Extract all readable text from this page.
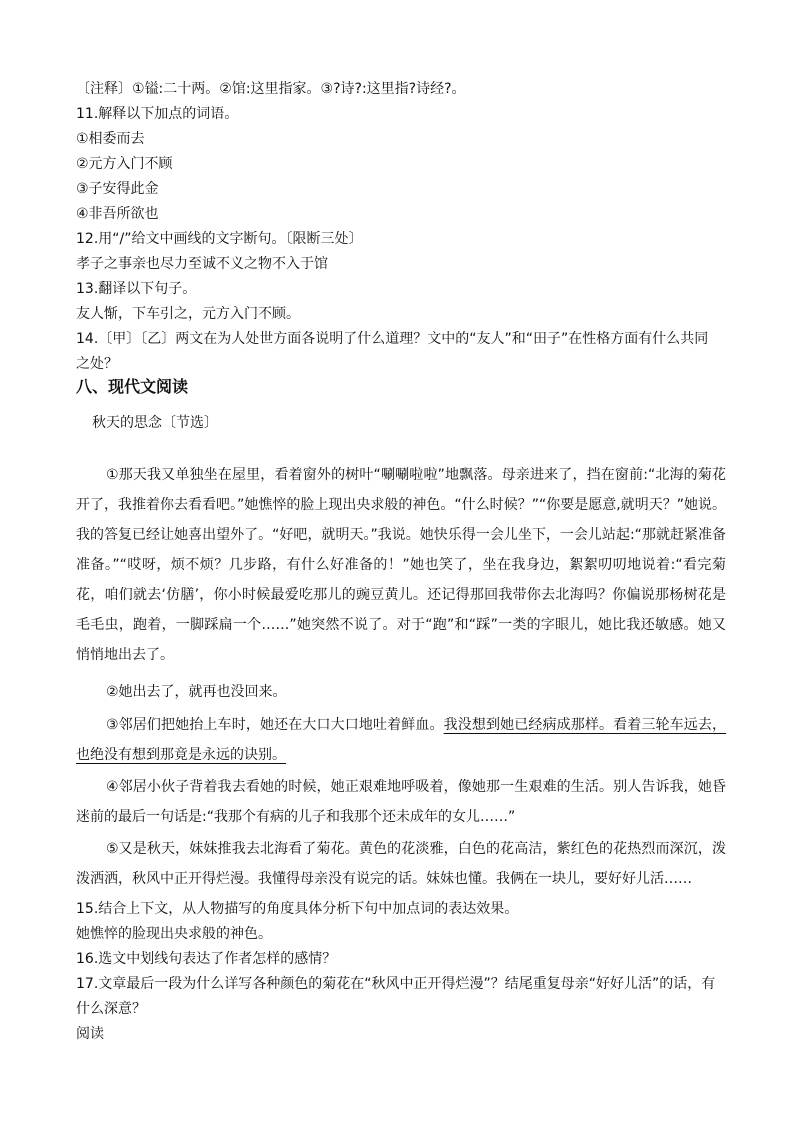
〔注释〕①镒:二十两。②馆:这里指家。③?诗?:这里指?诗经?。
11.解释以下加点的词语。
①相委而去
②元方入门不顾
③子安得此金
④非吾所欲也
12.用“/”给文中画线的文字断句。〔限断三处〕
孝子之事亲也尽力至诚不义之物不入于馆
13.翻译以下句子。
友人惭，下车引之，元方入门不顾。
14.〔甲〕〔乙〕两文在为人处世方面各说明了什么道理？文中的“友人”和“田子”在性格方面有什么共同
之处？
八、现代文阅读
秋天的思念〔节选〕
①那天我又单独坐在屋里，看着窗外的树叶“唰唰啦啦”地飘落。母亲进来了，挡在窗前:“北海的菊花开了，我推着你去看看吧。”她憔悴的脸上现出央求般的神色。“什么时候？”“你要是愿意,就明天？”她说。我的答复已经让她喜出望外了。“好吧，就明天。”我说。她快乐得一会儿坐下，一会儿站起:“那就赶紧准备准备。”“哎呀，烦不烦？几步路，有什么好准备的！”她也笑了，坐在我身边，絮絮叨叨地说着:“看完菊花，咱们就去‘仿膳’，你小时候最爱吃那儿的豌豆黄儿。还记得那回我带你去北海吗？你偏说那杨树花是毛毛虫，跑着，一脚踩扁一个……”她突然不说了。对于“跑”和“踩”一类的字眼儿，她比我还敏感。她又悄悄地出去了。
②她出去了，就再也没回来。
③邻居们把她抬上车时，她还在大口大口地吐着鲜血。我没想到她已经病成那样。看着三轮车远去，也绝没有想到那竟是永远的诀别。
④邻居小伙子背着我去看她的时候，她正艰难地呼吸着，像她那一生艰难的生活。别人告诉我，她昏迷前的最后一句话是:“我那个有病的儿子和我那个还未成年的女儿……”
⑤又是秋天，妹妹推我去北海看了菊花。黄色的花淡雅，白色的花高洁，紫红色的花热烈而深沉，泼泼洒洒，秋风中正开得烂漫。我懂得母亲没有说完的话。妹妹也懂。我俩在一块儿，要好好儿活……
15.结合上下文，从人物描写的角度具体分析下句中加点词的表达效果。
她憔悴的脸现出央求般的神色。
16.选文中划线句表达了作者怎样的感情？
17.文章最后一段为什么详写各种颜色的菊花在“秋风中正开得烂漫”？结尾重复母亲“好好儿活”的话，有
什么深意？
阅读
